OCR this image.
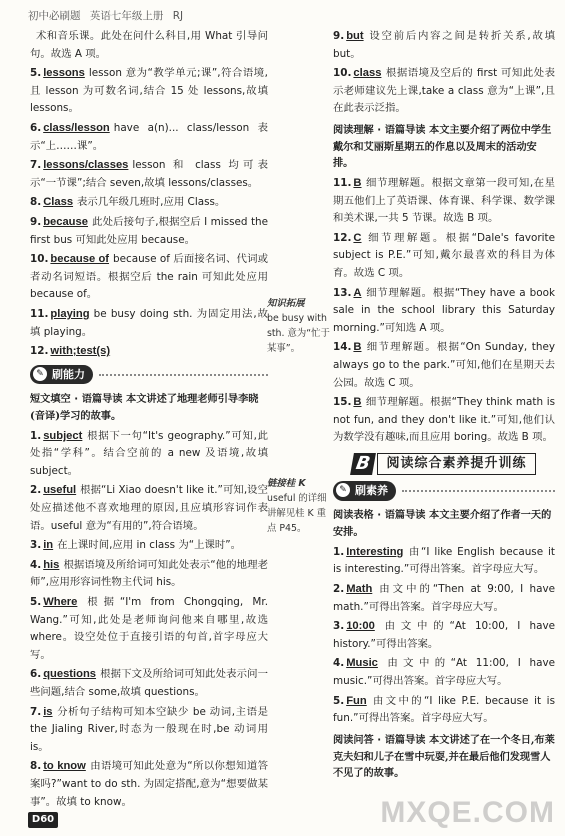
初中必刷题 英语七年级上册 RJ

术和音乐课。此处在问什么科目,用 What 引导问句。故选 A 项。

5. lessons lesson 意为“教学单元;课”,符合语境,且 lesson 为可数名词,结合 15 处 lessons,故填 lessons。

6. class/lesson have a(n)... class/lesson 表示“上……课”。

7. lessons/classes lesson 和 class 均可表示“一节课”;结合 seven,故填 lessons/classes。

8. Class 表示几年级几班时,应用 Class。

9. because 此处后接句子,根据空后 I missed the first bus 可知此处应用 because。

10. because of because of 后面接名词、代词或者动名词短语。根据空后 the rain 可知此处应用 because of。

11. playing be busy doing sth. 为固定用法,故填 playing。

12. with;test(s)

✎ 刷能力
短文填空 · 语篇导读 本文讲述了地理老师引导李晓(音译)学习的故事。

1. subject 根据下一句“It's geography.”可知,此处指“学科”。结合空前的 a new 及语境,故填 subject。

2. useful 根据“Li Xiao doesn't like it.”可知,设空处应描述他不喜欢地理的原因,且应填形容词作表语。useful 意为“有用的”,符合语境。

3. in 在上课时间,应用 in class 为“上课时”。

4. his 根据语境及所给词可知此处表示“他的地理老师”,应用形容词性物主代词 his。

5. Where 根据“I'm from Chongqing, Mr. Wang.”可知,此处是老师询问他来自哪里,故选 where。设空处位于直接引语的句首,首字母应大写。

6. questions 根据下文及所给词可知此处表示问一些问题,结合 some,故填 questions。

7. is 分析句子结构可知本空缺少 be 动词,主语是 the Jialing River,时态为一般现在时,be 动词用 is。

8. to know 由语境可知此处意为“所以你想知道答案吗?”want to do sth. 为固定搭配,意为“想要做某事”。故填 to know。

知识拓展
be busy with sth. 意为“忙于某事”。
链接桂 K
useful 的详细讲解见桂 K 重点 P45。

9. but 设空前后内容之间是转折关系,故填 but。

10. class 根据语境及空后的 first 可知此处表示老师建议先上课,take a class 意为“上课”,且在此表示泛指。

阅读理解 · 语篇导读 本文主要介绍了两位中学生戴尔和艾丽斯星期五的作息以及周末的活动安排。

11. B 细节理解题。根据文章第一段可知,在星期五他们上了英语课、体育课、科学课、数学课和美术课,一共 5 节课。故选 B 项。

12. C 细节理解题。根据“Dale's favorite subject is P.E.”可知,戴尔最喜欢的科目为体育。故选 C 项。

13. A 细节理解题。根据“They have a book sale in the school library this Saturday morning.”可知选 A 项。

14. B 细节理解题。根据“On Sunday, they always go to the park.”可知,他们在星期天去公园。故选 C 项。

15. B 细节理解题。根据“They think math is not fun, and they don't like it.”可知,他们认为数学没有趣味,而且应用 boring。故选 B 项。

B	阅读综合素养提升训练
✎ 刷素养
阅读表格 · 语篇导读 本文主要介绍了作者一天的安排。

1. Interesting 由“I like English because it is interesting.”可得出答案。首字母应大写。

2. Math 由文中的“Then at 9:00, I have math.”可得出答案。首字母应大写。

3. 10:00 由文中的“At 10:00, I have history.”可得出答案。

4. Music 由文中的“At 11:00, I have music.”可得出答案。首字母应大写。

5. Fun 由文中的“I like P.E. because it is fun.”可得出答案。首字母应大写。

阅读问答 · 语篇导读 本文讲述了在一个冬日,布莱克夫妇和儿子在雪中玩耍,并在最后他们发现雪人不见了的故事。
D60	MXQE.COM
